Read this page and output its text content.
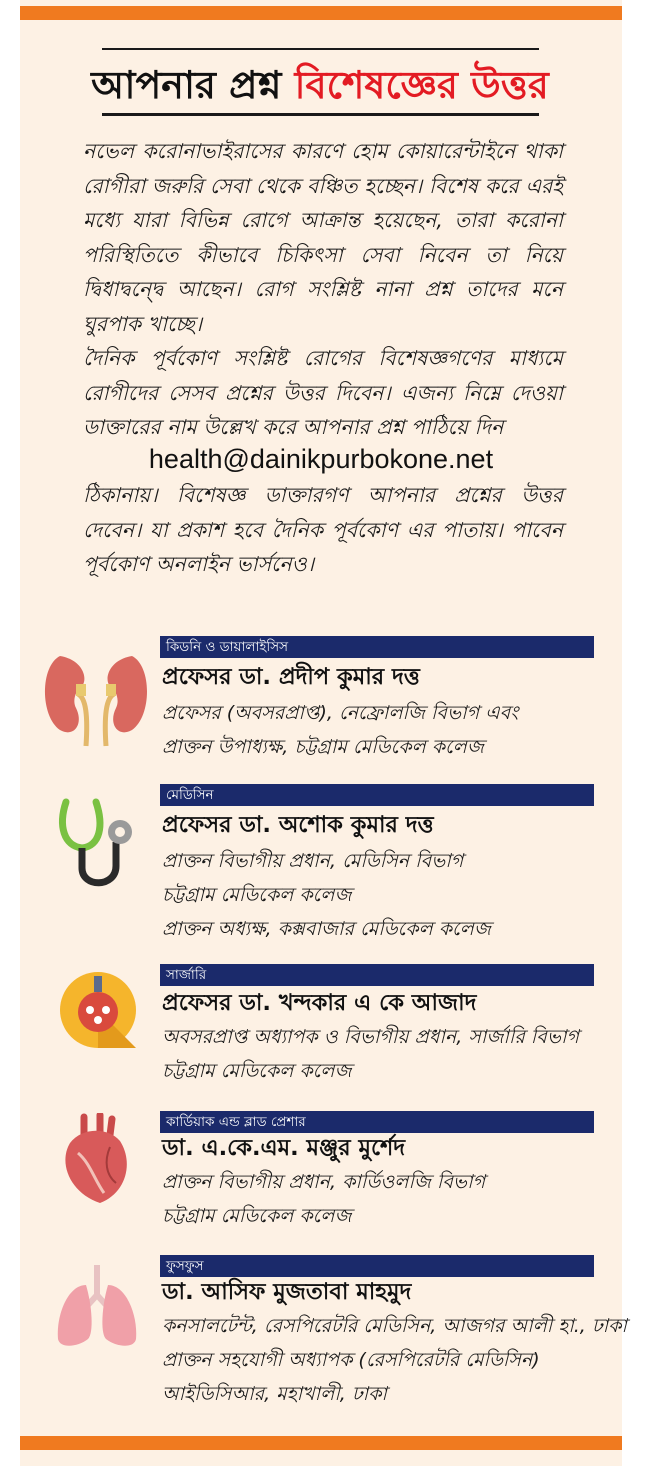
আপনার প্রশ্ন বিশেষজ্ঞের উত্তর

নভেল করোনাভাইরাসের কারণে হোম কোয়ারেন্টাইনে থাকা রোগীরা জরুরি সেবা থেকে বঞ্চিত হচ্ছেন। বিশেষ করে এরই মধ্যে যারা বিভিন্ন রোগে আক্রান্ত হয়েছেন, তারা করোনা পরিস্থিতিতে কীভাবে চিকিৎসা সেবা নিবেন তা নিয়ে দ্বিধাদ্বন্দ্বে আছেন। রোগ সংশ্লিষ্ট নানা প্রশ্ন তাদের মনে ঘুরপাক খাচ্ছে।

দৈনিক পূর্বকোণ সংশ্লিষ্ট রোগের বিশেষজ্ঞগণের মাধ্যমে রোগীদের সেসব প্রশ্নের উত্তর দিবেন। এজন্য নিম্নে দেওয়া ডাক্তারের নাম উল্লেখ করে আপনার প্রশ্ন পাঠিয়ে দিন

health@dainikpurbokone.net
ঠিকানায়। বিশেষজ্ঞ ডাক্তারগণ আপনার প্রশ্নের উত্তর দেবেন। যা প্রকাশ হবে দৈনিক পূর্বকোণ এর পাতায়। পাবেন পূর্বকোণ অনলাইন ভার্সনেও।
কিডনি ও ডায়ালাইসিস
প্রফেসর ডা. প্রদীপ কুমার দত্ত
প্রফেসর (অবসরপ্রাপ্ত), নেফ্রোলজি বিভাগ এবং
প্রাক্তন উপাধ্যক্ষ, চট্টগ্রাম মেডিকেল কলেজ
মেডিসিন
প্রফেসর ডা. অশোক কুমার দত্ত
প্রাক্তন বিভাগীয় প্রধান, মেডিসিন বিভাগ
চট্টগ্রাম মেডিকেল কলেজ
প্রাক্তন অধ্যক্ষ, কক্সবাজার মেডিকেল কলেজ
সার্জারি
প্রফেসর ডা. খন্দকার এ কে আজাদ
অবসরপ্রাপ্ত অধ্যাপক ও বিভাগীয় প্রধান, সার্জারি বিভাগ
চট্টগ্রাম মেডিকেল কলেজ
কার্ডিয়াক এন্ড ব্লাড প্রেশার
ডা. এ.কে.এম. মঞ্জুর মুর্শেদ
প্রাক্তন বিভাগীয় প্রধান, কার্ডিওলজি বিভাগ
চট্টগ্রাম মেডিকেল কলেজ
ফুসফুস
ডা. আসিফ মুজতাবা মাহমুদ
কনসালটেন্ট, রেসপিরেটরি মেডিসিন, আজগর আলী হা., ঢাকা
প্রাক্তন সহযোগী অধ্যাপক (রেসপিরেটরি মেডিসিন)
আইডিসিআর, মহাখালী, ঢাকা
